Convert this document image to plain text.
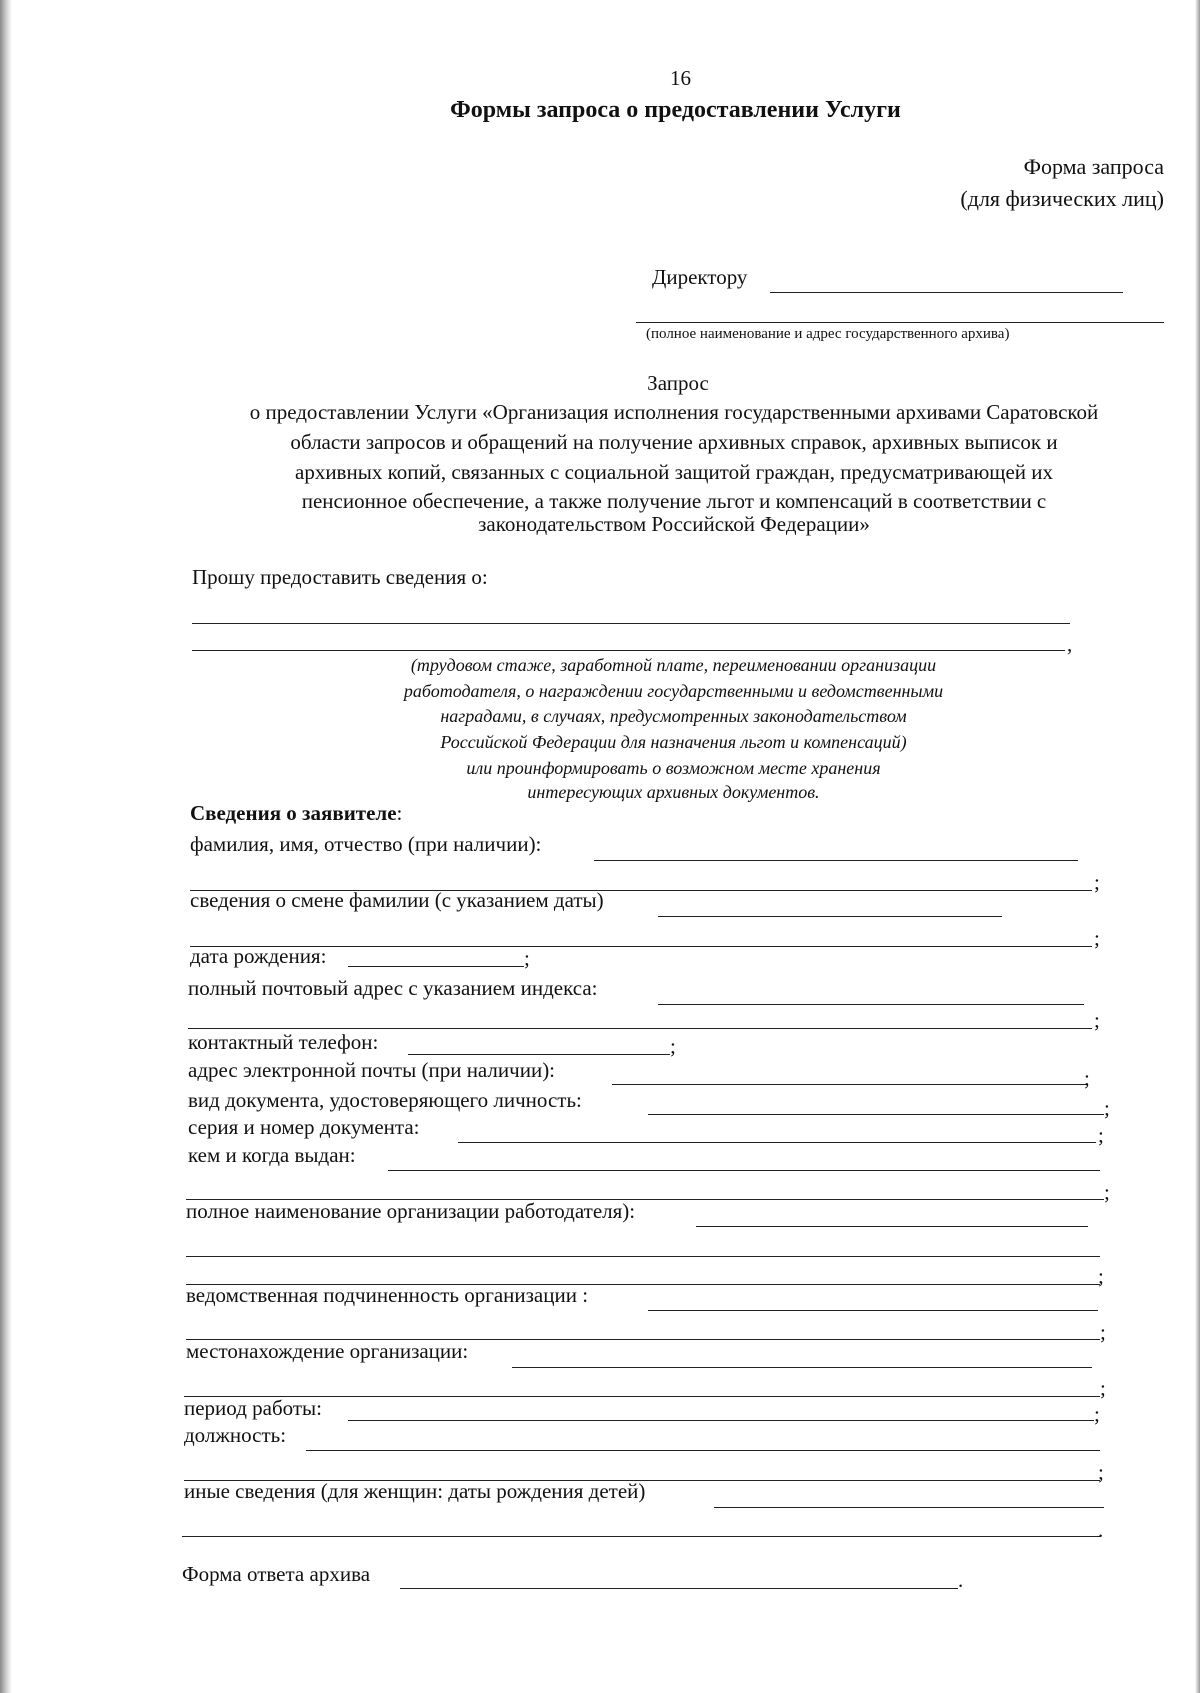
16
Формы запроса о предоставлении Услуги
Форма запроса
(для физических лиц)
Директору
(полное наименование и адрес государственного архива)
Запрос
о предоставлении Услуги «Организация исполнения государственными архивами Саратовской
области запросов и обращений на получение архивных справок, архивных выписок и
архивных копий, связанных с социальной защитой граждан, предусматривающей их
пенсионное обеспечение, а также получение льгот и компенсаций в соответствии с
законодательством Российской Федерации»
Прошу предоставить сведения о:
,
(трудовом стаже, заработной плате, переименовании организации
работодателя, о награждении государственными и ведомственными
наградами, в случаях, предусмотренных законодательством
Российской Федерации для назначения льгот и компенсаций)
или проинформировать о возможном месте хранения
интересующих архивных документов.
Сведения о заявителе:
фамилия, имя, отчество (при наличии):
;
сведения о смене фамилии (с указанием даты)
;
дата рождения:	;
полный почтовый адрес с указанием индекса:
;
контактный телефон:	;
адрес электронной почты (при наличии):	;
вид документа, удостоверяющего личность:	;
серия и номер документа:	;
кем и когда выдан:
;
полное наименование организации работодателя):
;
ведомственная подчиненность организации :
;
местонахождение организации:
;
период работы:	;
должность:
;
иные сведения (для женщин: даты рождения детей)
.
Форма ответа архива	.
